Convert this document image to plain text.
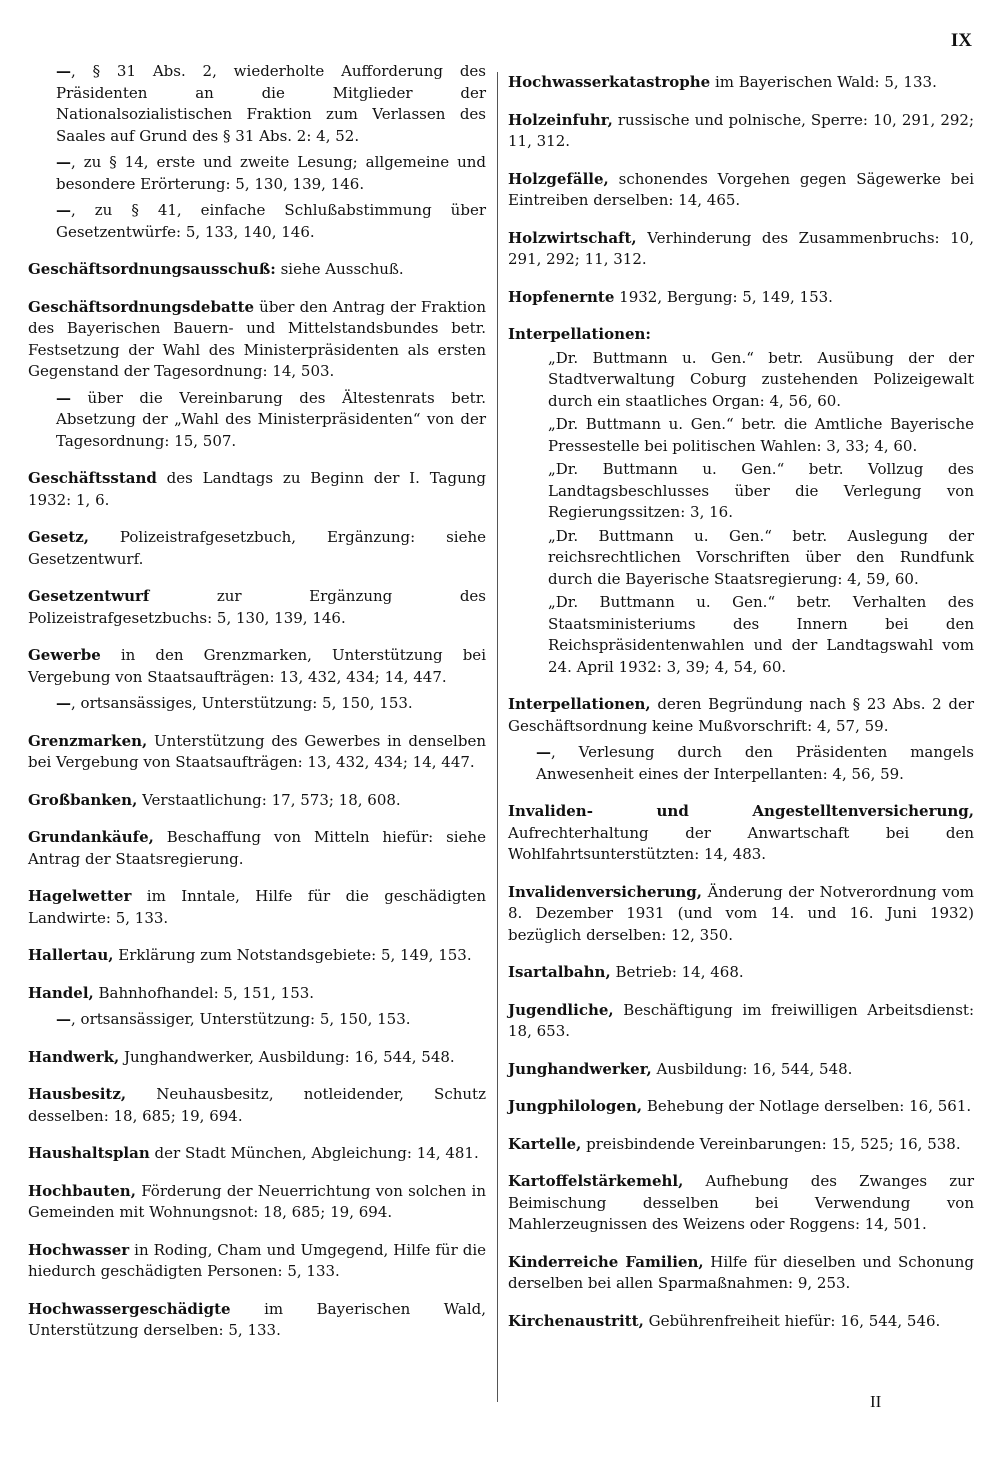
IX
—, § 31 Abs. 2, wiederholte Aufforderung des Präsidenten an die Mitglieder der Nationalsozialistischen Fraktion zum Verlassen des Saales auf Grund des § 31 Abs. 2: 4, 52.
—, zu § 14, erste und zweite Lesung; allgemeine und besondere Erörterung: 5, 130, 139, 146.
—, zu § 41, einfache Schlußabstimmung über Gesetzentwürfe: 5, 133, 140, 146.
Geschäftsordnungsausschuß: siehe Ausschuß.
Geschäftsordnungsdebatte über den Antrag der Fraktion des Bayerischen Bauern- und Mittelstandsbundes betr. Festsetzung der Wahl des Ministerpräsidenten als ersten Gegenstand der Tagesordnung: 14, 503.
— über die Vereinbarung des Ältestenrats betr. Absetzung der „Wahl des Ministerpräsidenten“ von der Tagesordnung: 15, 507.
Geschäftsstand des Landtags zu Beginn der I. Tagung 1932: 1, 6.
Gesetz, Polizeistrafgesetzbuch, Ergänzung: siehe Gesetzentwurf.
Gesetzentwurf zur Ergänzung des Polizeistrafgesetzbuchs: 5, 130, 139, 146.
Gewerbe in den Grenzmarken, Unterstützung bei Vergebung von Staatsaufträgen: 13, 432, 434; 14, 447.
—, ortsansässiges, Unterstützung: 5, 150, 153.
Grenzmarken, Unterstützung des Gewerbes in denselben bei Vergebung von Staatsaufträgen: 13, 432, 434; 14, 447.
Großbanken, Verstaatlichung: 17, 573; 18, 608.
Grundankäufe, Beschaffung von Mitteln hiefür: siehe Antrag der Staatsregierung.
Hagelwetter im Inntale, Hilfe für die geschädigten Landwirte: 5, 133.
Hallertau, Erklärung zum Notstandsgebiete: 5, 149, 153.
Handel, Bahnhofhandel: 5, 151, 153.
—, ortsansässiger, Unterstützung: 5, 150, 153.
Handwerk, Junghandwerker, Ausbildung: 16, 544, 548.
Hausbesitz, Neuhausbesitz, notleidender, Schutz desselben: 18, 685; 19, 694.
Haushaltsplan der Stadt München, Abgleichung: 14, 481.
Hochbauten, Förderung der Neuerrichtung von solchen in Gemeinden mit Wohnungsnot: 18, 685; 19, 694.
Hochwasser in Roding, Cham und Umgegend, Hilfe für die hiedurch geschädigten Personen: 5, 133.
Hochwassergeschädigte im Bayerischen Wald, Unterstützung derselben: 5, 133.
Hochwasserkatastrophe im Bayerischen Wald: 5, 133.
Holzeinfuhr, russische und polnische, Sperre: 10, 291, 292; 11, 312.
Holzgefälle, schonendes Vorgehen gegen Sägewerke bei Eintreiben derselben: 14, 465.
Holzwirtschaft, Verhinderung des Zusammenbruchs: 10, 291, 292; 11, 312.
Hopfenernte 1932, Bergung: 5, 149, 153.
Interpellationen:
„Dr. Buttmann u. Gen.“ betr. Ausübung der der Stadtverwaltung Coburg zustehenden Polizeigewalt durch ein staatliches Organ: 4, 56, 60.
„Dr. Buttmann u. Gen.“ betr. die Amtliche Bayerische Pressestelle bei politischen Wahlen: 3, 33; 4, 60.
„Dr. Buttmann u. Gen.“ betr. Vollzug des Landtagsbeschlusses über die Verlegung von Regierungssitzen: 3, 16.
„Dr. Buttmann u. Gen.“ betr. Auslegung der reichsrechtlichen Vorschriften über den Rundfunk durch die Bayerische Staatsregierung: 4, 59, 60.
„Dr. Buttmann u. Gen.“ betr. Verhalten des Staatsministeriums des Innern bei den Reichspräsidentenwahlen und der Landtagswahl vom 24. April 1932: 3, 39; 4, 54, 60.
Interpellationen, deren Begründung nach § 23 Abs. 2 der Geschäftsordnung keine Mußvorschrift: 4, 57, 59.
—, Verlesung durch den Präsidenten mangels Anwesenheit eines der Interpellanten: 4, 56, 59.
Invaliden- und Angestelltenversicherung, Aufrechterhaltung der Anwartschaft bei den Wohlfahrtsunterstützten: 14, 483.
Invalidenversicherung, Änderung der Notverordnung vom 8. Dezember 1931 (und vom 14. und 16. Juni 1932) bezüglich derselben: 12, 350.
Isartalbahn, Betrieb: 14, 468.
Jugendliche, Beschäftigung im freiwilligen Arbeitsdienst: 18, 653.
Junghandwerker, Ausbildung: 16, 544, 548.
Jungphilologen, Behebung der Notlage derselben: 16, 561.
Kartelle, preisbindende Vereinbarungen: 15, 525; 16, 538.
Kartoffelstärkemehl, Aufhebung des Zwanges zur Beimischung desselben bei Verwendung von Mahlerzeugnissen des Weizens oder Roggens: 14, 501.
Kinderreiche Familien, Hilfe für dieselben und Schonung derselben bei allen Sparmaßnahmen: 9, 253.
Kirchenaustritt, Gebührenfreiheit hiefür: 16, 544, 546.
II
